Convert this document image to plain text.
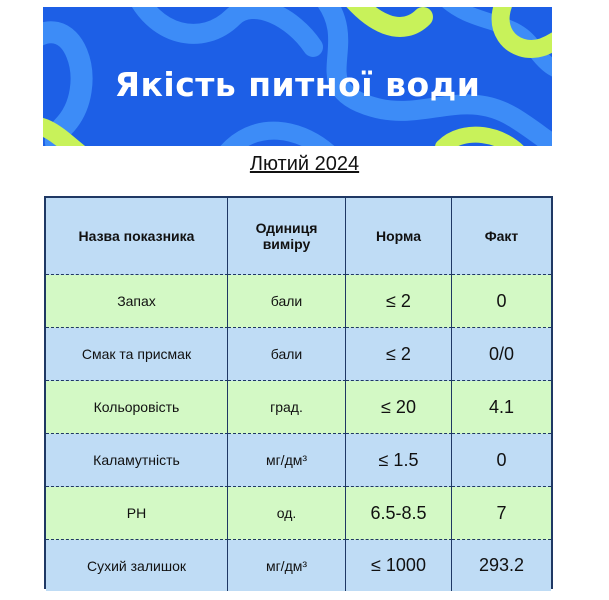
Якість питної води
Лютий 2024
Назва показника	Одиниця виміру	Норма	Факт
Запах	бали	≤ 2	0
Смак та присмак	бали	≤ 2	0/0
Кольоровість	град.	≤ 20	4.1
Каламутність	мг/дм³	≤ 1.5	0
PH	од.	6.5-8.5	7
Сухий залишок	мг/дм³	≤ 1000	293.2
